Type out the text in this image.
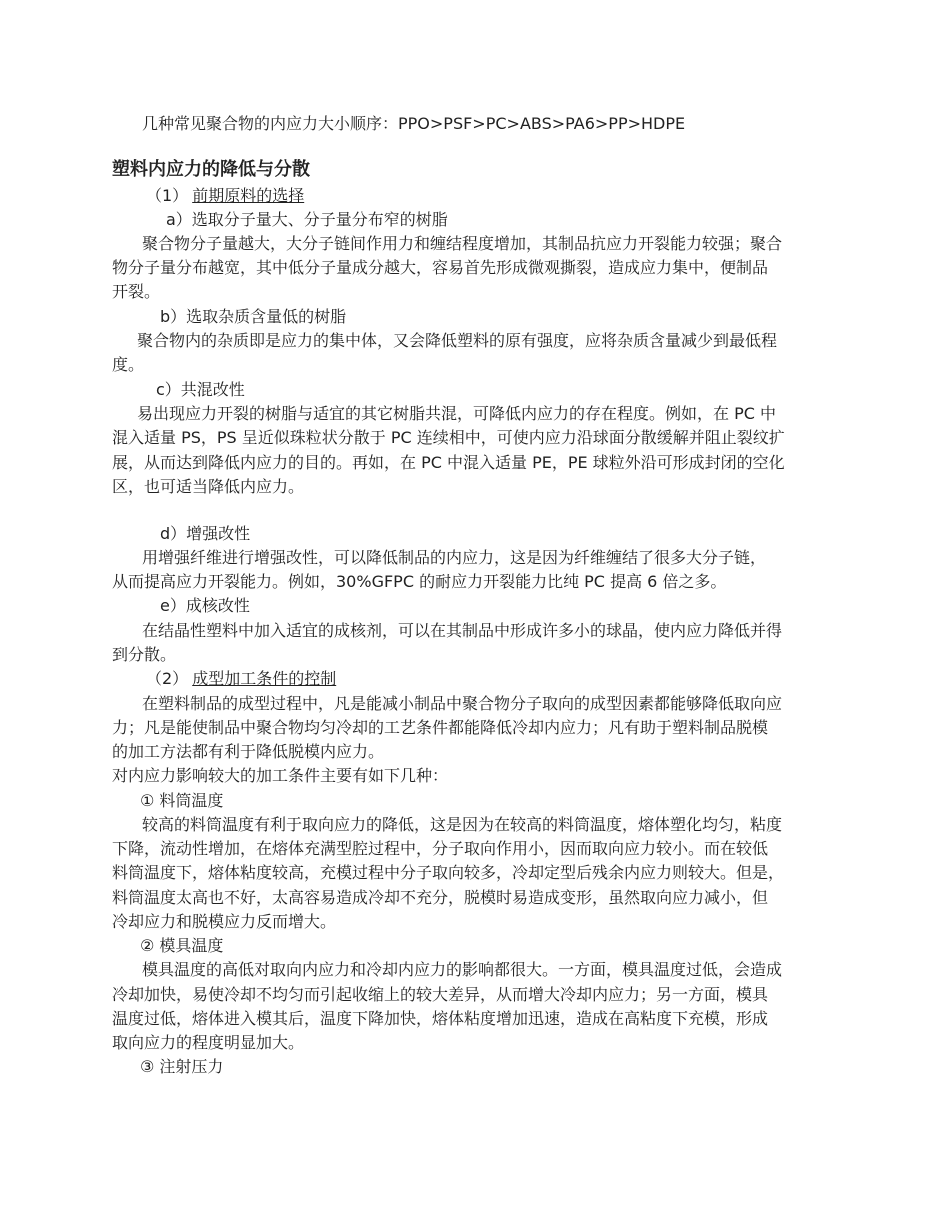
几种常见聚合物的内应力大小顺序：PPO>PSF>PC>ABS>PA6>PP>HDPE
塑料内应力的降低与分散
（1） 前期原料的选择
a）选取分子量大、分子量分布窄的树脂
聚合物分子量越大，大分子链间作用力和缠结程度增加，其制品抗应力开裂能力较强；聚合
物分子量分布越宽，其中低分子量成分越大，容易首先形成微观撕裂，造成应力集中，便制品
开裂。
b）选取杂质含量低的树脂
聚合物内的杂质即是应力的集中体，又会降低塑料的原有强度，应将杂质含量减少到最低程
度。
c）共混改性
易出现应力开裂的树脂与适宜的其它树脂共混，可降低内应力的存在程度。例如，在 PC 中
混入适量 PS，PS 呈近似珠粒状分散于 PC 连续相中，可使内应力沿球面分散缓解并阻止裂纹扩
展，从而达到降低内应力的目的。再如，在 PC 中混入适量 PE，PE 球粒外沿可形成封闭的空化
区，也可适当降低内应力。
d）增强改性
用增强纤维进行增强改性，可以降低制品的内应力，这是因为纤维缠结了很多大分子链，
从而提高应力开裂能力。例如，30%GFPC 的耐应力开裂能力比纯 PC 提高 6 倍之多。
e）成核改性
在结晶性塑料中加入适宜的成核剂，可以在其制品中形成许多小的球晶，使内应力降低并得
到分散。
（2） 成型加工条件的控制
在塑料制品的成型过程中，凡是能减小制品中聚合物分子取向的成型因素都能够降低取向应
力；凡是能使制品中聚合物均匀冷却的工艺条件都能降低冷却内应力；凡有助于塑料制品脱模
的加工方法都有利于降低脱模内应力。
对内应力影响较大的加工条件主要有如下几种：
① 料筒温度
较高的料筒温度有利于取向应力的降低，这是因为在较高的料筒温度，熔体塑化均匀，粘度
下降，流动性增加，在熔体充满型腔过程中，分子取向作用小，因而取向应力较小。而在较低
料筒温度下，熔体粘度较高，充模过程中分子取向较多，冷却定型后残余内应力则较大。但是，
料筒温度太高也不好，太高容易造成冷却不充分，脱模时易造成变形，虽然取向应力减小，但
冷却应力和脱模应力反而增大。
② 模具温度
模具温度的高低对取向内应力和冷却内应力的影响都很大。一方面，模具温度过低，会造成
冷却加快，易使冷却不均匀而引起收缩上的较大差异，从而增大冷却内应力；另一方面，模具
温度过低，熔体进入模其后，温度下降加快，熔体粘度增加迅速，造成在高粘度下充模，形成
取向应力的程度明显加大。
③ 注射压力
